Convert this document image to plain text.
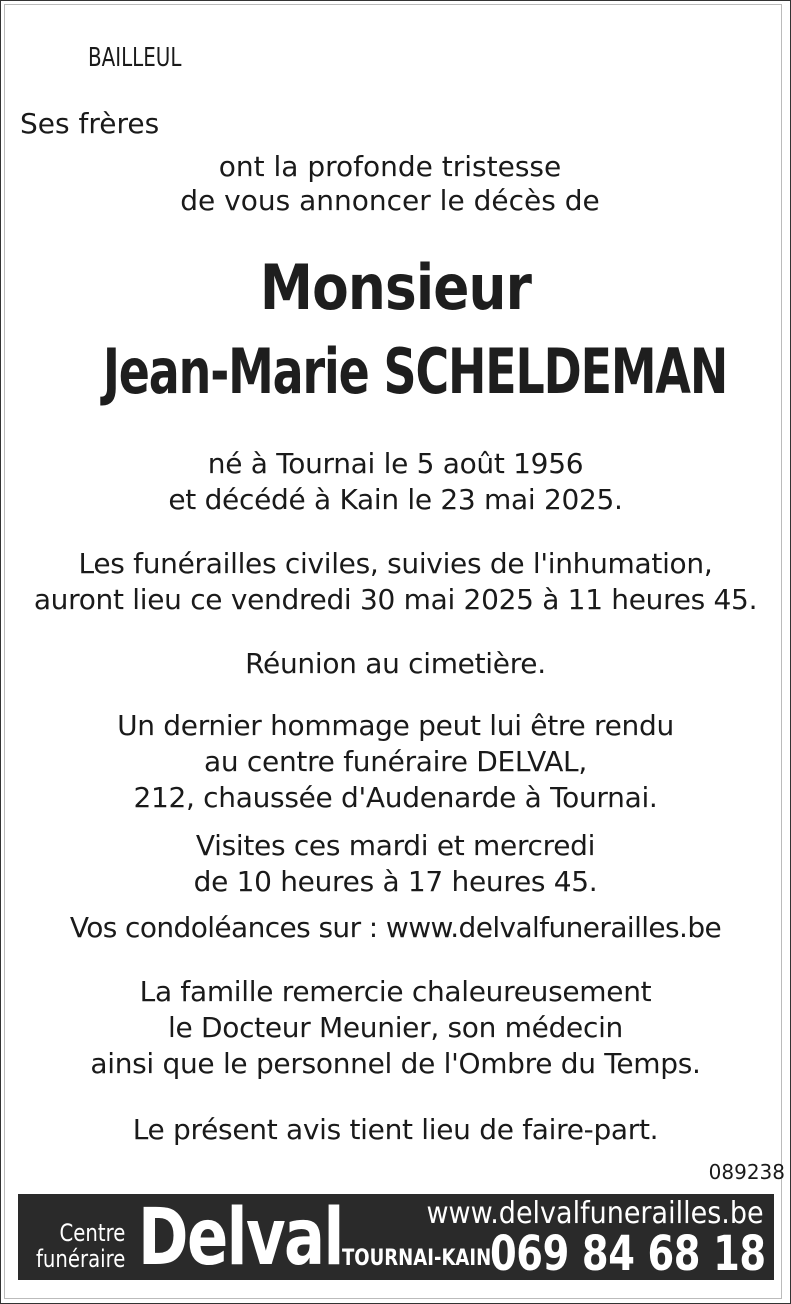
BAILLEUL
Ses frères
ont la profonde tristesse
de vous annoncer le décès de
Monsieur
Jean-Marie SCHELDEMAN
né à Tournai le 5 août 1956
et décédé à Kain le 23 mai 2025.
Les funérailles civiles, suivies de l'inhumation,
auront lieu ce vendredi 30 mai 2025 à 11 heures 45.
Réunion au cimetière.
Un dernier hommage peut lui être rendu
au centre funéraire DELVAL,
212, chaussée d'Audenarde à Tournai.
Visites ces mardi et mercredi
de 10 heures à 17 heures 45.
Vos condoléances sur : www.delvalfunerailles.be
La famille remercie chaleureusement
le Docteur Meunier, son médecin
ainsi que le personnel de l'Ombre du Temps.
Le présent avis tient lieu de faire-part.
089238
Centre
funéraire Delval	www.delvalfunerailles.be
TOURNAI-KAIN 069 84 68 18
